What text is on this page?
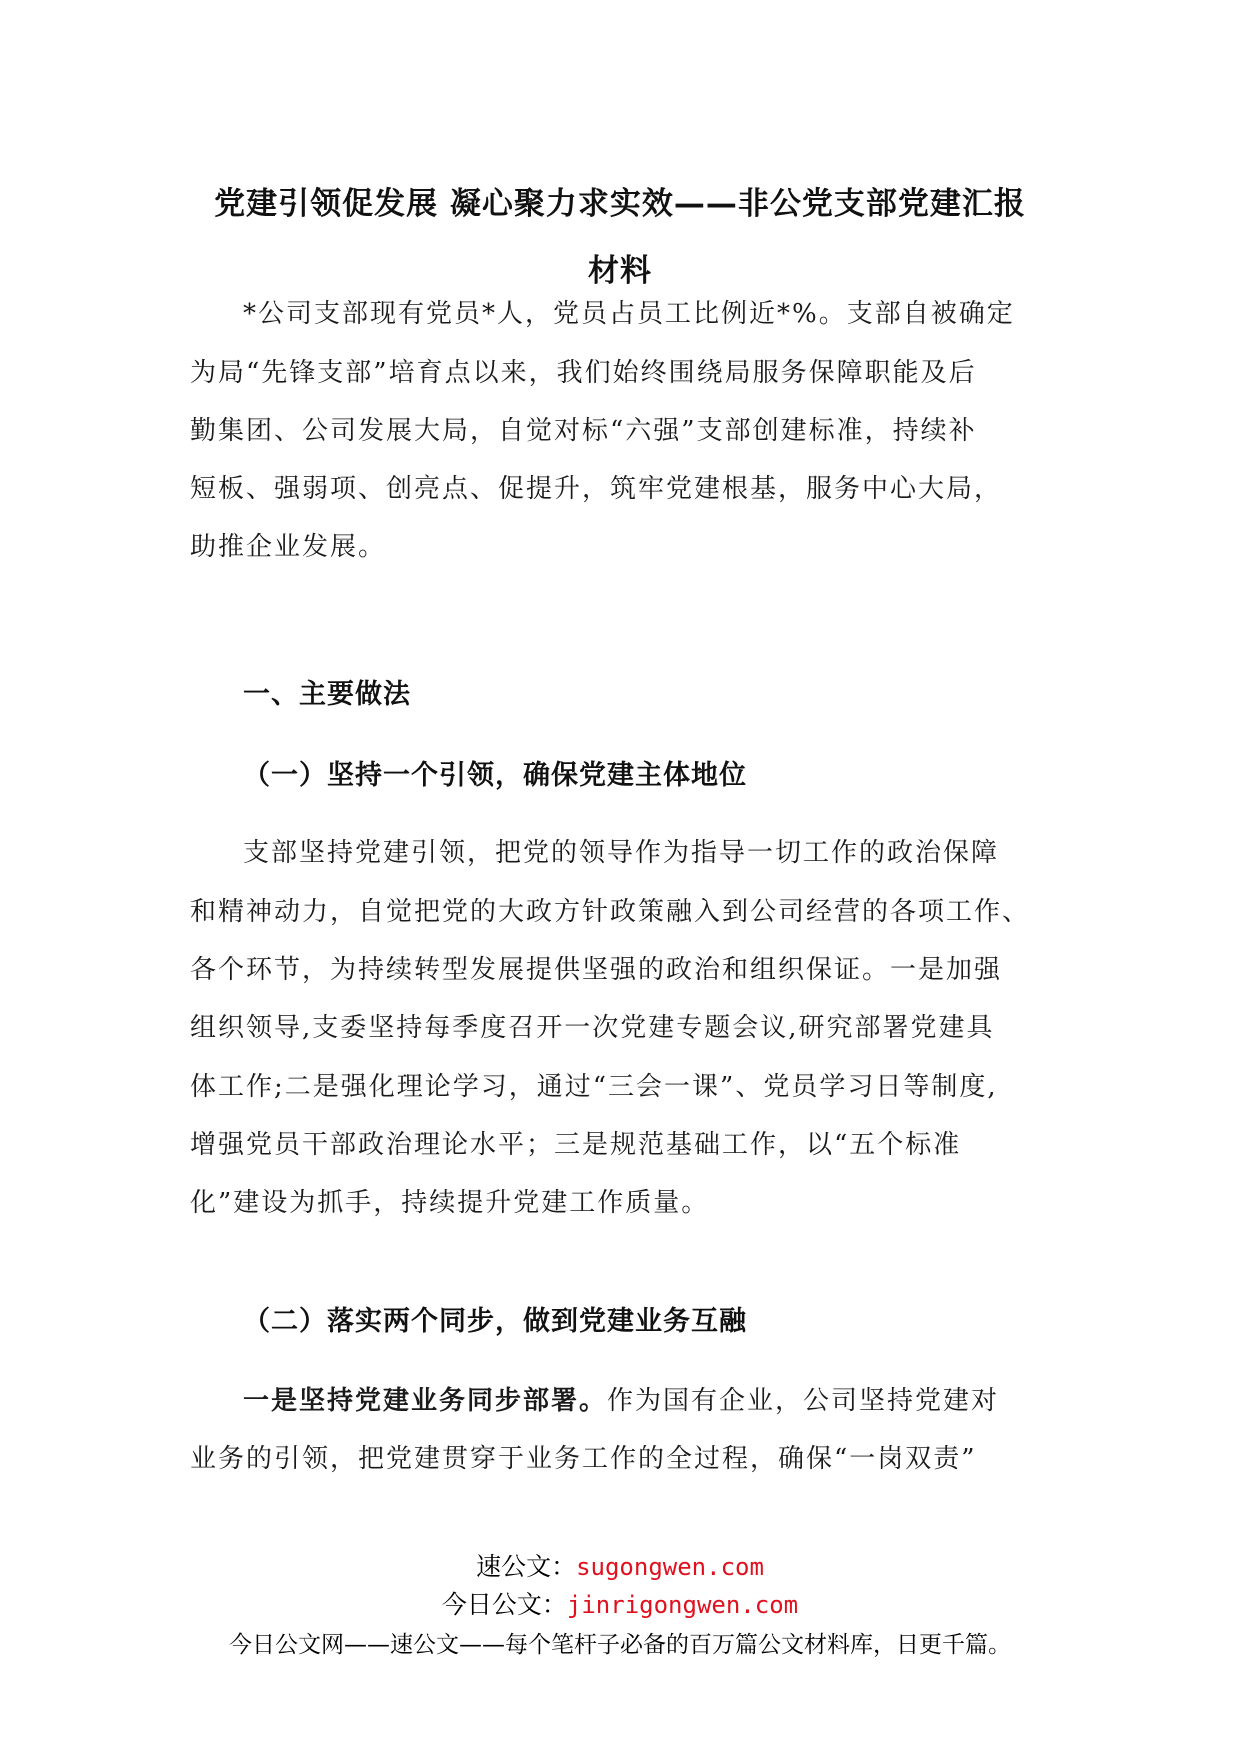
党建引领促发展 凝心聚力求实效——非公党支部党建汇报
材料
*公司支部现有党员*人，党员占员工比例近*%。支部自被确定
为局“先锋支部”培育点以来，我们始终围绕局服务保障职能及后
勤集团、公司发展大局，自觉对标“六强”支部创建标准，持续补
短板、强弱项、创亮点、促提升，筑牢党建根基，服务中心大局，
助推企业发展。
一、主要做法
（一）坚持一个引领，确保党建主体地位
支部坚持党建引领，把党的领导作为指导一切工作的政治保障
和精神动力，自觉把党的大政方针政策融入到公司经营的各项工作、
各个环节，为持续转型发展提供坚强的政治和组织保证。一是加强
组织领导,支委坚持每季度召开一次党建专题会议,研究部署党建具
体工作;二是强化理论学习，通过“三会一课”、党员学习日等制度,
增强党员干部政治理论水平；三是规范基础工作，以“五个标准
化”建设为抓手，持续提升党建工作质量。
（二）落实两个同步，做到党建业务互融
一是坚持党建业务同步部署。作为国有企业，公司坚持党建对
业务的引领，把党建贯穿于业务工作的全过程，确保“一岗双责”
速公文：sugongwen.com
今日公文：jinrigongwen.com
今日公文网——速公文——每个笔杆子必备的百万篇公文材料库，日更千篇。
